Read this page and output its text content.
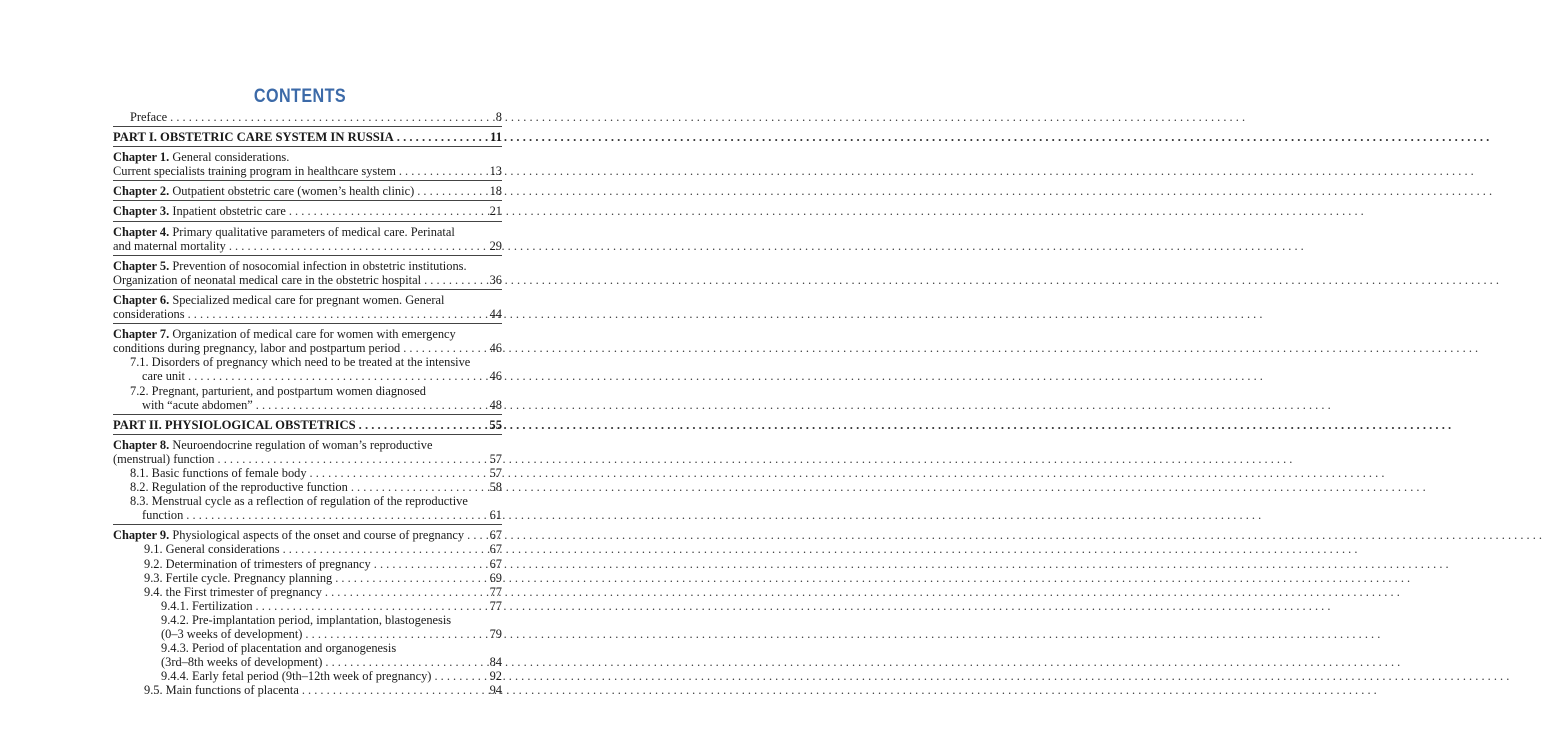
CONTENTS
Preface . . .	8
PART I. OBSTETRIC CARE SYSTEM IN RUSSIA . . .	11
Chapter 1. General considerations.
Current specialists training program in healthcare system . . .	13
Chapter 2. Outpatient obstetric care (women’s health clinic) . . .	18
Chapter 3. Inpatient obstetric care . . .	21
Chapter 4. Primary qualitative parameters of medical care. Perinatal
and maternal mortality . . .	29
Chapter 5. Prevention of nosocomial infection in obstetric institutions.
Organization of neonatal medical care in the obstetric hospital . . .	36
Chapter 6. Specialized medical care for pregnant women. General
considerations . . .	44
Chapter 7. Organization of medical care for women with emergency
conditions during pregnancy, labor and postpartum period . . .	46
7.1. Disorders of pregnancy which need to be treated at the intensive
care unit . . .	46
7.2. Pregnant, parturient, and postpartum women diagnosed
with “acute abdomen” . . .	48
PART II. PHYSIOLOGICAL OBSTETRICS . . .	55
Chapter 8. Neuroendocrine regulation of woman’s reproductive
(menstrual) function . . .	57
8.1. Basic functions of female body . . .	57
8.2. Regulation of the reproductive function . . .	58
8.3. Menstrual cycle as a reflection of regulation of the reproductive
function . . .	61
Chapter 9. Physiological aspects of the onset and course of pregnancy . . . 67
9.1. General considerations . . .	67
9.2. Determination of trimesters of pregnancy . . .	67
9.3. Fertile cycle. Pregnancy planning . . .	69
9.4. the First trimester of pregnancy . . .	77
9.4.1. Fertilization . . .	77
9.4.2. Pre-implantation period, implantation, blastogenesis
(0–3 weeks of development) . . .	79
9.4.3. Period of placentation and organogenesis
(3rd–8th weeks of development) . . .	84
9.4.4. Early fetal period (9th–12th week of pregnancy) . . .	92
9.5. Main functions of placenta . . .	94
